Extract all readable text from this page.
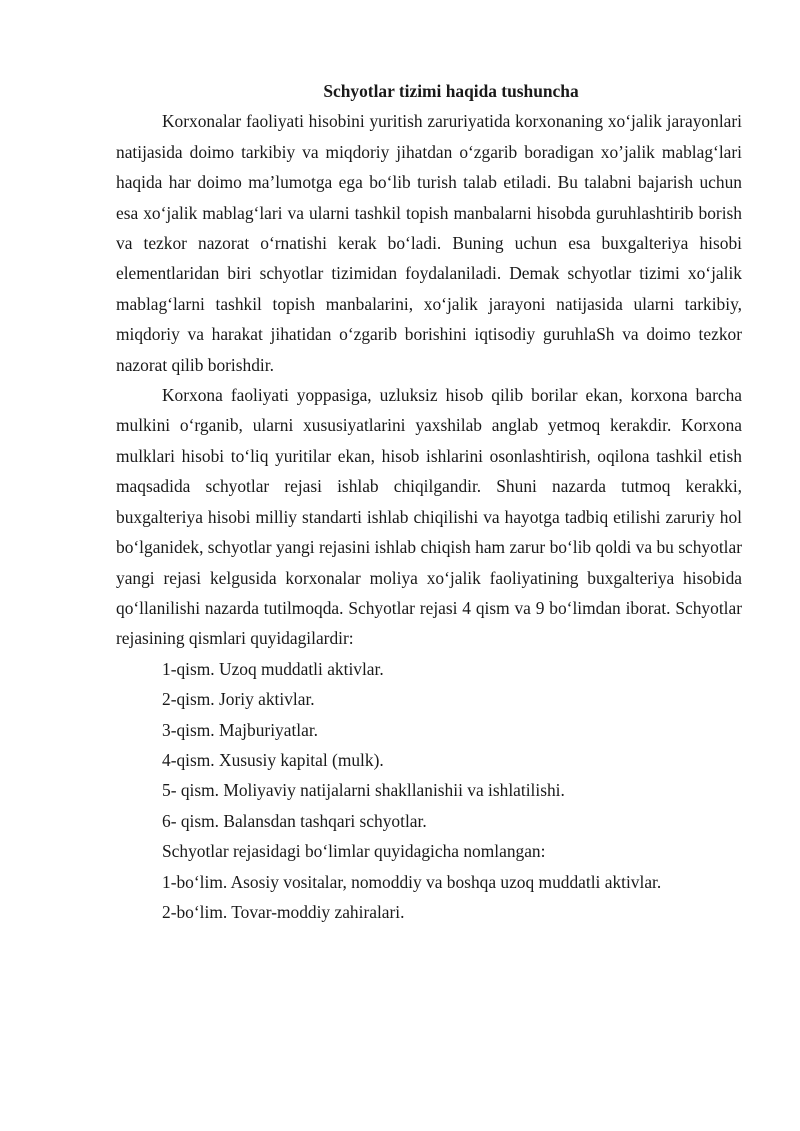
Schyotlar tizimi haqida tushuncha

Korxonalar faoliyati hisobini yuritish zaruriyatida korxonaning xo‘jalik jarayonlari natijasida doimo tarkibiy va miqdoriy jihatdan o‘zgarib boradigan xo’jalik mablag‘lari haqida har doimo ma’lumotga ega bo‘lib turish talab etiladi. Bu talabni bajarish uchun esa xo‘jalik mablag‘lari va ularni tashkil topish manbalarni hisobda guruhlashtirib borish va tezkor nazorat o‘rnatishi kerak bo‘ladi. Buning uchun esa buxgalteriya hisobi elementlaridan biri schyotlar tizimidan foydalaniladi. Demak schyotlar tizimi xo‘jalik mablag‘larni tashkil topish manbalarini, xo‘jalik jarayoni natijasida ularni tarkibiy, miqdoriy va harakat jihatidan o‘zgarib borishini iqtisodiy guruhlaSh va doimo tezkor nazorat qilib borishdir.

Korxona faoliyati yoppasiga, uzluksiz hisob qilib borilar ekan, korxona barcha mulkini o‘rganib, ularni xususiyatlarini yaxshilab anglab yetmoq kerakdir. Korxona mulklari hisobi to‘liq yuritilar ekan, hisob ishlarini osonlashtirish, oqilona tashkil etish maqsadida schyotlar rejasi ishlab chiqilgandir. Shuni nazarda tutmoq kerakki, buxgalteriya hisobi milliy standarti ishlab chiqilishi va hayotga tadbiq etilishi zaruriy hol bo‘lganidek, schyotlar yangi rejasini ishlab chiqish ham zarur bo‘lib qoldi va bu schyotlar yangi rejasi kelgusida korxonalar moliya xo‘jalik faoliyatining buxgalteriya hisobida qo‘llanilishi nazarda tutilmoqda. Schyotlar rejasi 4 qism va 9 bo‘limdan iborat. Schyotlar rejasining qismlari quyidagilardir:

1-qism. Uzoq muddatli aktivlar.

2-qism. Joriy aktivlar.

3-qism. Majburiyatlar.

4-qism. Xususiy kapital (mulk).

5- qism. Moliyaviy natijalarni shakllanishii va ishlatilishi.

6- qism. Balansdan tashqari schyotlar.

Schyotlar rejasidagi bo‘limlar quyidagicha nomlangan:

1-bo‘lim. Asosiy vositalar, nomoddiy va boshqa uzoq muddatli aktivlar.

2-bo‘lim. Tovar-moddiy zahiralari.
